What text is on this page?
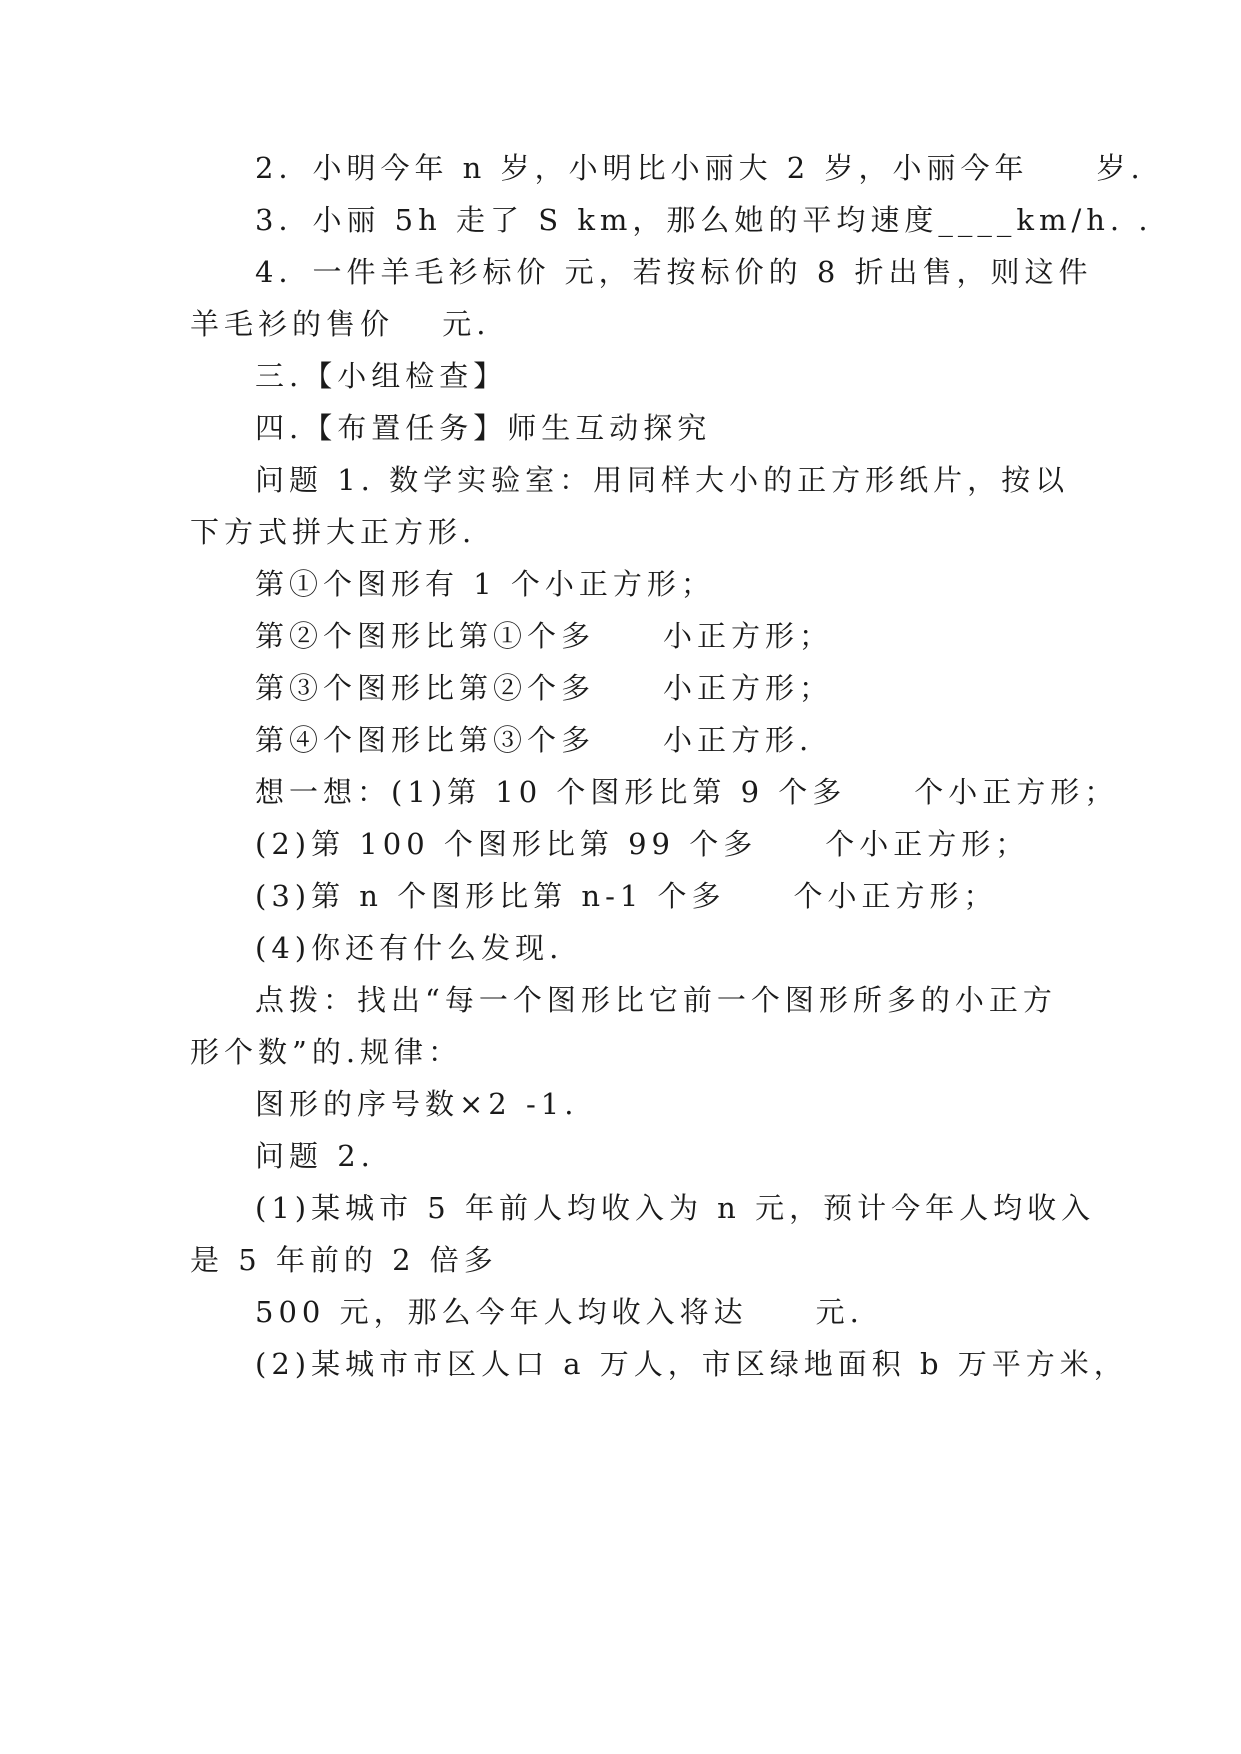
2．小明今年 n 岁，小明比小丽大 2 岁，小丽今年　　岁.
3．小丽 5h 走了 S km，那么她的平均速度____km/h. .
4．一件羊毛衫标价 元，若按标价的 8 折出售，则这件
羊毛衫的售价　 元.
三.【小组检查】
四.【布置任务】师生互动探究
问题 1. 数学实验室：用同样大小的正方形纸片，按以
下方式拼大正方形.
第①个图形有 1 个小正方形；
第②个图形比第①个多　　小正方形；
第③个图形比第②个多　　小正方形；
第④个图形比第③个多　　小正方形.
想一想：(1)第 10 个图形比第 9 个多　　个小正方形；
(2)第 100 个图形比第 99 个多　　个小正方形；
(3)第 n 个图形比第 n-1 个多　　个小正方形；
(4)你还有什么发现.
点拨：找出“每一个图形比它前一个图形所多的小正方
形个数”的.规律：
图形的序号数×2 -1.
问题 2.
(1)某城市 5 年前人均收入为 n 元，预计今年人均收入
是 5 年前的 2 倍多
500 元，那么今年人均收入将达　　元.
(2)某城市市区人口 a 万人，市区绿地面积 b 万平方米，
